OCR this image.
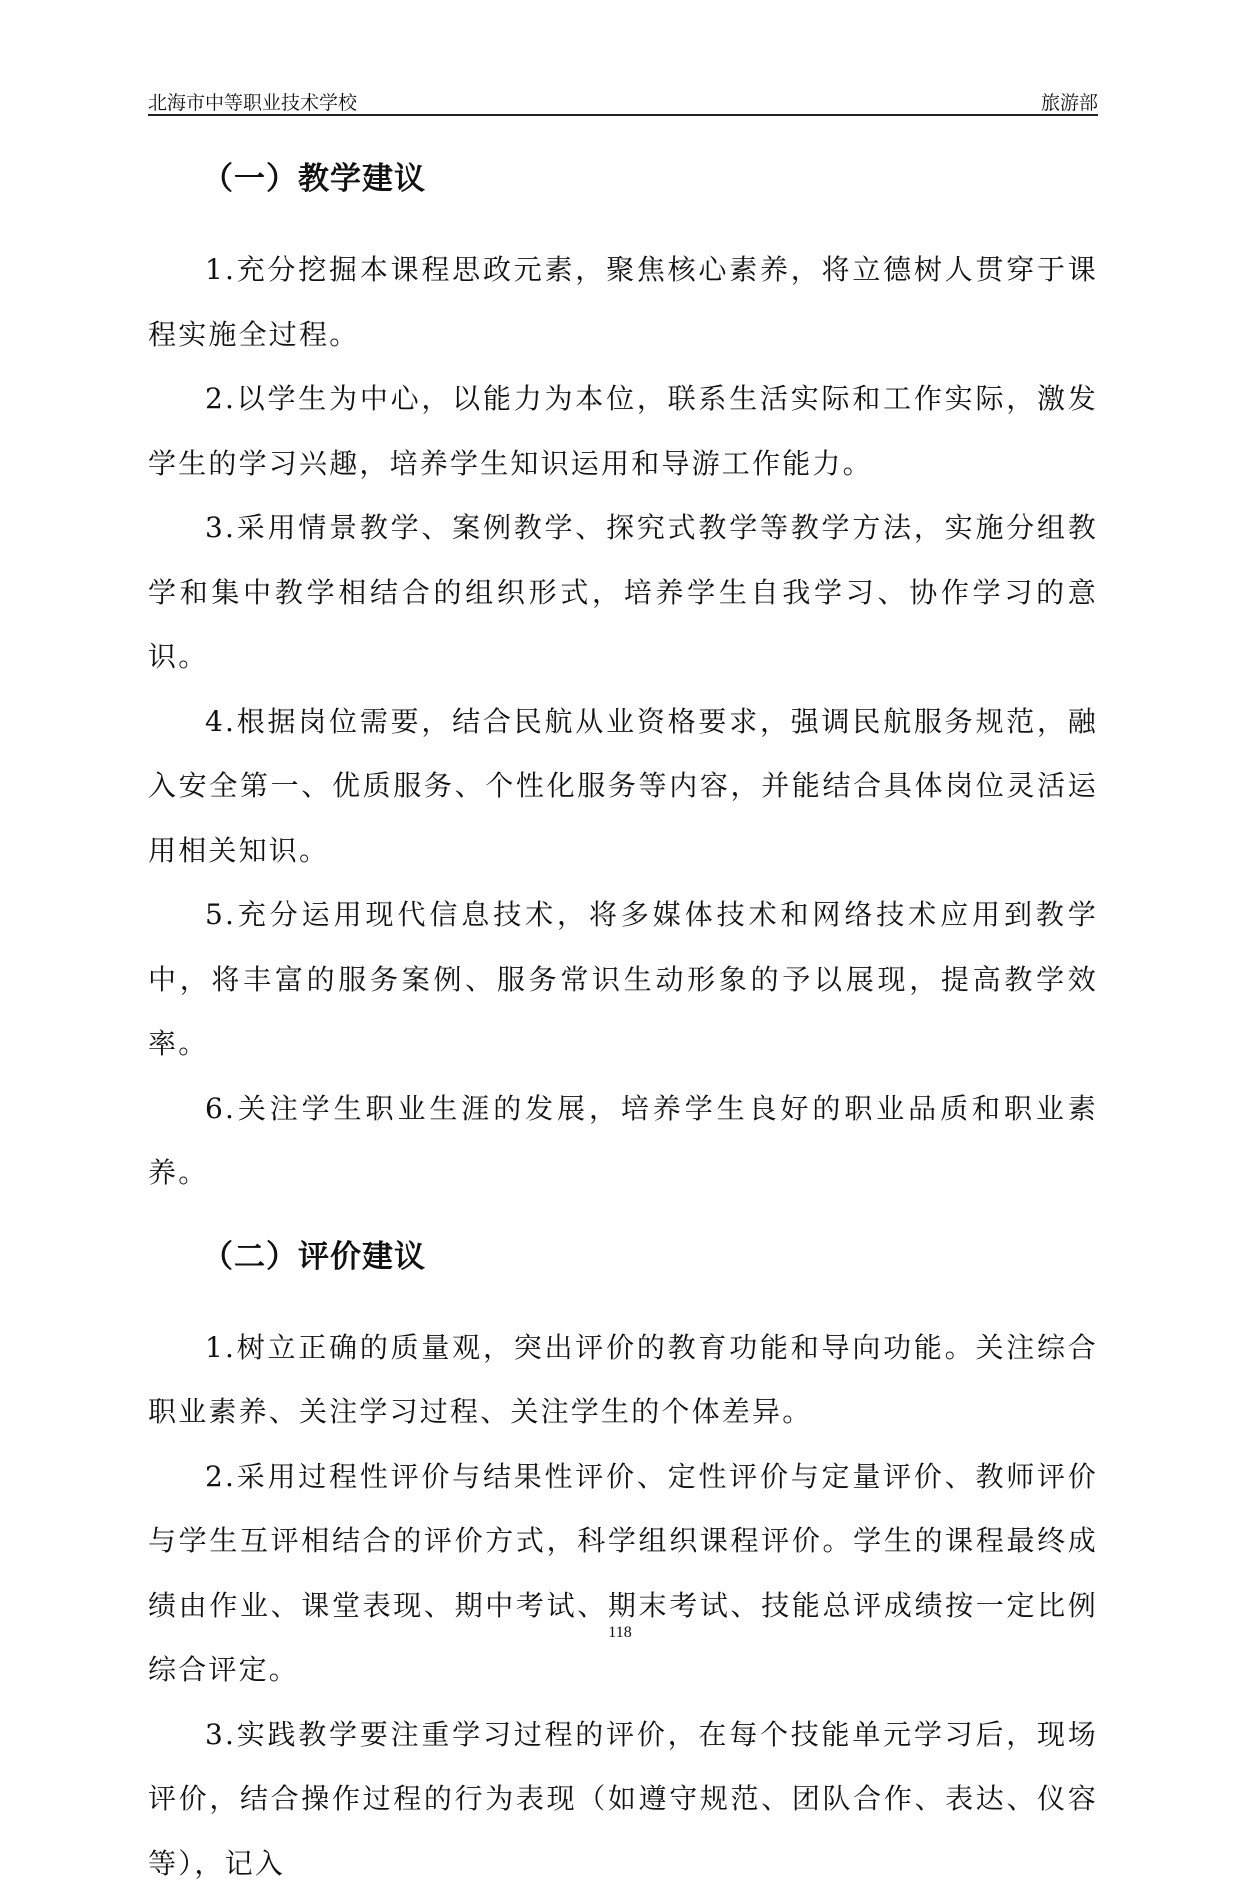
北海市中等职业技术学校	旅游部
（一）教学建议

1.充分挖掘本课程思政元素，聚焦核心素养，将立德树人贯穿于课程实施全过程。

2.以学生为中心，以能力为本位，联系生活实际和工作实际，激发学生的学习兴趣，培养学生知识运用和导游工作能力。

3.采用情景教学、案例教学、探究式教学等教学方法，实施分组教学和集中教学相结合的组织形式，培养学生自我学习、协作学习的意识。

4.根据岗位需要，结合民航从业资格要求，强调民航服务规范，融入安全第一、优质服务、个性化服务等内容，并能结合具体岗位灵活运用相关知识。

5.充分运用现代信息技术，将多媒体技术和网络技术应用到教学中，将丰富的服务案例、服务常识生动形象的予以展现，提高教学效率。

6.关注学生职业生涯的发展，培养学生良好的职业品质和职业素养。

（二）评价建议

1.树立正确的质量观，突出评价的教育功能和导向功能。关注综合职业素养、关注学习过程、关注学生的个体差异。

2.采用过程性评价与结果性评价、定性评价与定量评价、教师评价与学生互评相结合的评价方式，科学组织课程评价。学生的课程最终成绩由作业、课堂表现、期中考试、期末考试、技能总评成绩按一定比例综合评定。

3.实践教学要注重学习过程的评价，在每个技能单元学习后，现场评价，结合操作过程的行为表现（如遵守规范、团队合作、表达、仪容等），记入

118
